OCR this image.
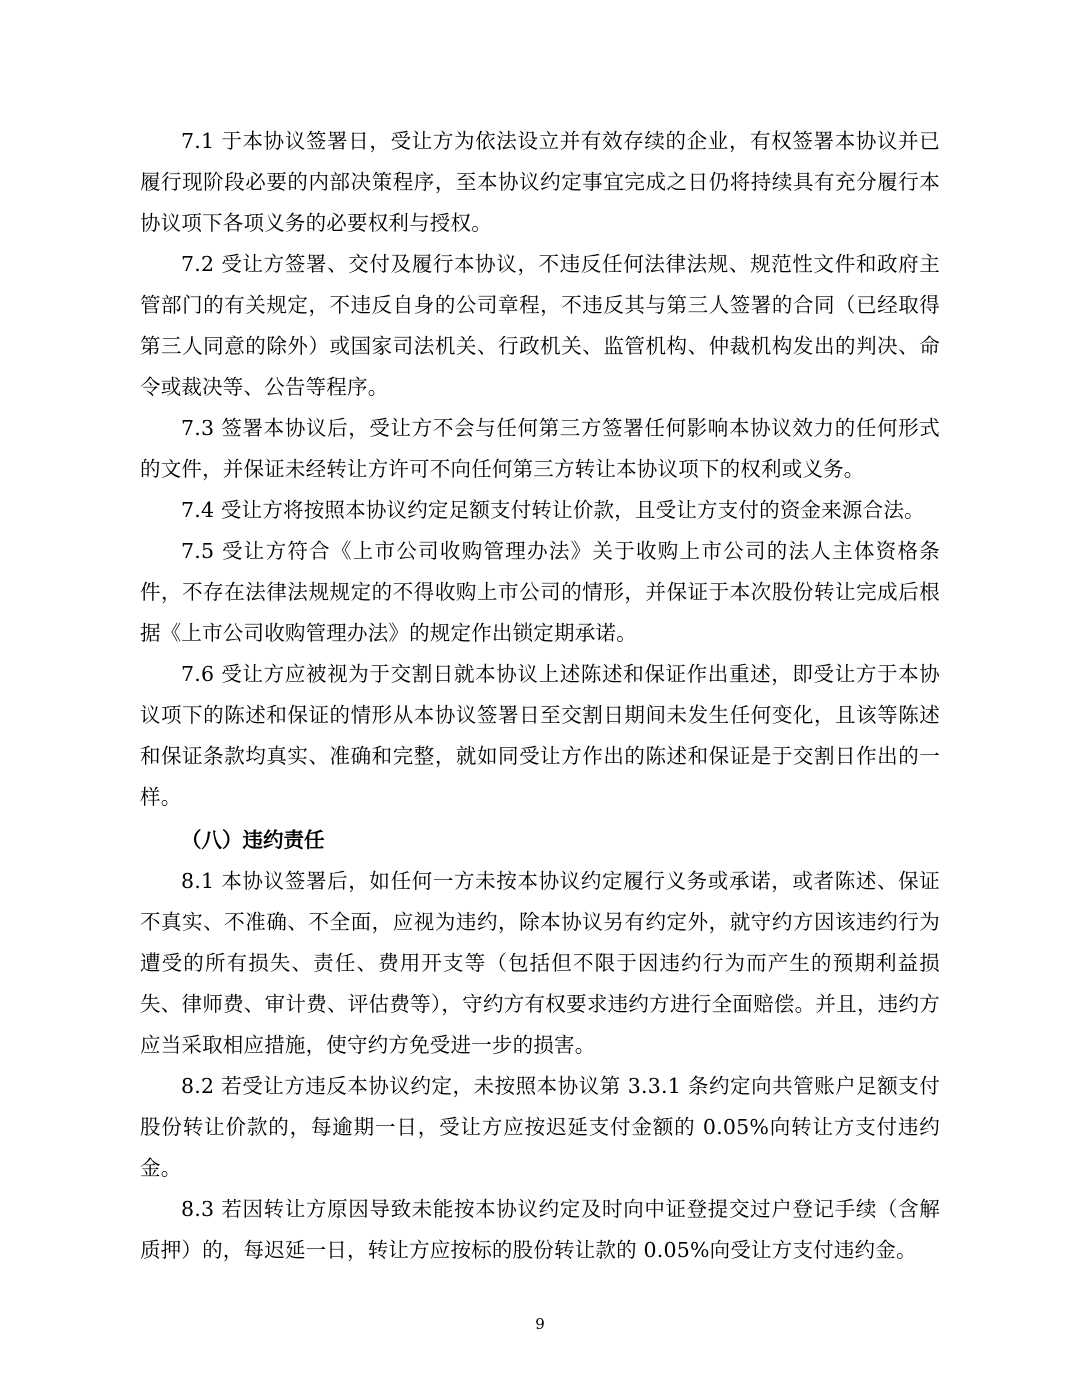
7.1 于本协议签署日，受让方为依法设立并有效存续的企业，有权签署本协议并已履行现阶段必要的内部决策程序，至本协议约定事宜完成之日仍将持续具有充分履行本协议项下各项义务的必要权利与授权。

7.2 受让方签署、交付及履行本协议，不违反任何法律法规、规范性文件和政府主管部门的有关规定，不违反自身的公司章程，不违反其与第三人签署的合同（已经取得第三人同意的除外）或国家司法机关、行政机关、监管机构、仲裁机构发出的判决、命令或裁决等、公告等程序。

7.3 签署本协议后，受让方不会与任何第三方签署任何影响本协议效力的任何形式的文件，并保证未经转让方许可不向任何第三方转让本协议项下的权利或义务。

7.4 受让方将按照本协议约定足额支付转让价款，且受让方支付的资金来源合法。

7.5 受让方符合《上市公司收购管理办法》关于收购上市公司的法人主体资格条件，不存在法律法规规定的不得收购上市公司的情形，并保证于本次股份转让完成后根据《上市公司收购管理办法》的规定作出锁定期承诺。

7.6 受让方应被视为于交割日就本协议上述陈述和保证作出重述，即受让方于本协议项下的陈述和保证的情形从本协议签署日至交割日期间未发生任何变化，且该等陈述和保证条款均真实、准确和完整，就如同受让方作出的陈述和保证是于交割日作出的一样。

（八）违约责任

8.1 本协议签署后，如任何一方未按本协议约定履行义务或承诺，或者陈述、保证不真实、不准确、不全面，应视为违约，除本协议另有约定外，就守约方因该违约行为遭受的所有损失、责任、费用开支等（包括但不限于因违约行为而产生的预期利益损失、律师费、审计费、评估费等），守约方有权要求违约方进行全面赔偿。并且，违约方应当采取相应措施，使守约方免受进一步的损害。

8.2 若受让方违反本协议约定，未按照本协议第 3.3.1 条约定向共管账户足额支付股份转让价款的，每逾期一日，受让方应按迟延支付金额的 0.05%向转让方支付违约金。

8.3 若因转让方原因导致未能按本协议约定及时向中证登提交过户登记手续（含解质押）的，每迟延一日，转让方应按标的股份转让款的 0.05%向受让方支付违约金。

9
